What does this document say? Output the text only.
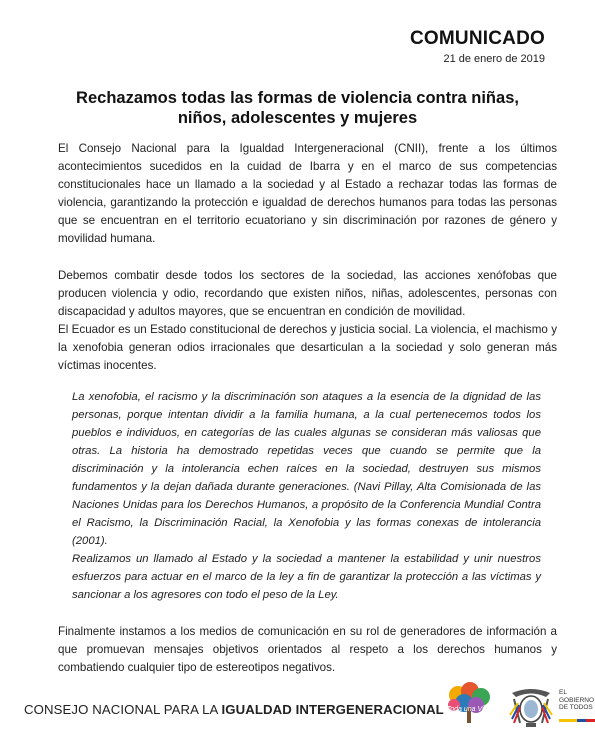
COMUNICADO
21 de enero de 2019
Rechazamos todas las formas de violencia contra niñas,
niños, adolescentes y mujeres

El Consejo Nacional para la Igualdad Intergeneracional (CNII), frente a los últimos acontecimientos sucedidos en la cuidad de Ibarra y en el marco de sus competencias constitucionales hace un llamado a la sociedad y al Estado a rechazar todas las formas de violencia, garantizando la protección e igualdad de derechos humanos para todas las personas que se encuentran en el territorio ecuatoriano y sin discriminación por razones de género y movilidad humana.

Debemos combatir desde todos los sectores de la sociedad, las acciones xenófobas que producen violencia y odio, recordando que existen niños, niñas, adolescentes, personas con discapacidad y adultos mayores, que se encuentran en condición de movilidad.

El Ecuador es un Estado constitucional de derechos y justicia social. La violencia, el machismo y la xenofobia generan odios irracionales que desarticulan a la sociedad y solo generan más víctimas inocentes.

La xenofobia, el racismo y la discriminación son ataques a la esencia de la dignidad de las personas, porque intentan dividir a la familia humana, a la cual pertenecemos todos los pueblos e individuos, en categorías de las cuales algunas se consideran más valiosas que otras. La historia ha demostrado repetidas veces que cuando se permite que la discriminación y la intolerancia echen raíces en la sociedad, destruyen sus mismos fundamentos y la dejan dañada durante generaciones. (Navi Pillay, Alta Comisionada de las Naciones Unidas para los Derechos Humanos, a propósito de la Conferencia Mundial Contra el Racismo, la Discriminación Racial, la Xenofobia y las formas conexas de intolerancia (2001).

Realizamos un llamado al Estado y la sociedad a mantener la estabilidad y unir nuestros esfuerzos para actuar en el marco de la ley a fin de garantizar la protección a las víctimas y sancionar a los agresores con todo el peso de la Ley.

Finalmente instamos a los medios de comunicación en su rol de generadores de información a que promuevan mensajes objetivos orientados al respeto a los derechos humanos y combatiendo cualquier tipo de estereotipos negativos.

CONSEJO NACIONAL PARA LA IGUALDAD INTERGENERACIONAL Toda una Vida
EL
GOBIERNO
DE TODOS
